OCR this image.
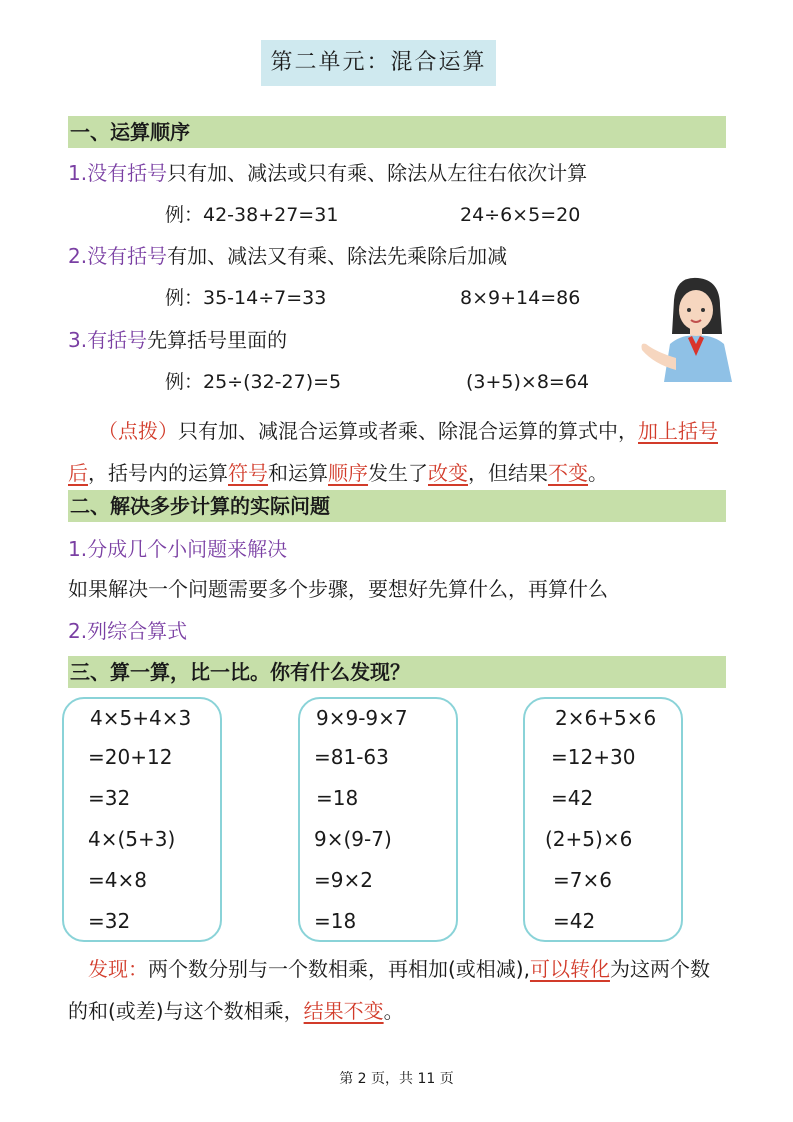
第二单元：混合运算
一、运算顺序
1.没有括号只有加、减法或只有乘、除法从左往右依次计算
例：42-38+27=31	24÷6×5=20
2.没有括号有加、减法又有乘、除法先乘除后加减
例：35-14÷7=33	8×9+14=86
3.有括号先算括号里面的
例：25÷(32-27)=5	(3+5)×8=64
（点拨）只有加、减混合运算或者乘、除混合运算的算式中，加上括号后，括号内的运算符号和运算顺序发生了改变，但结果不变。
二、解决多步计算的实际问题
1.分成几个小问题来解决
如果解决一个问题需要多个步骤，要想好先算什么，再算什么
2.列综合算式
三、算一算，比一比。你有什么发现？
4×5+4×3
=20+12
=32
4×(5+3)
=4×8
=32
9×9-9×7
=81-63
=18
9×(9-7)
=9×2
=18
2×6+5×6
=12+30
=42
(2+5)×6
=7×6
=42
发现：两个数分别与一个数相乘，再相加(或相减),可以转化为这两个数的和(或差)与这个数相乘，结果不变。
第 2 页，共 11 页
